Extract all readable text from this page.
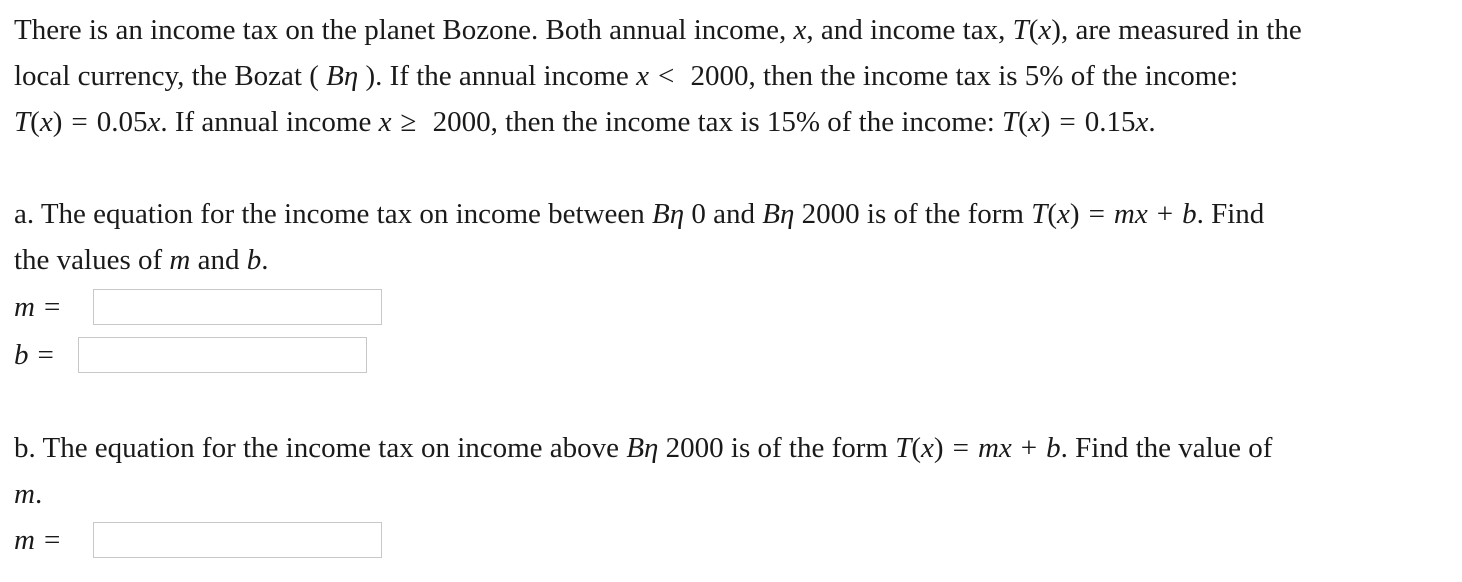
There is an income tax on the planet Bozone. Both annual income, x, and income tax, T(x), are measured in the
local currency, the Bozat ( Bη ). If the annual income x < 2000, then the income tax is 5% of the income:
T(x) = 0.05x. If annual income x ≥ 2000, then the income tax is 15% of the income: T(x) = 0.15x.
a. The equation for the income tax on income between Bη 0 and Bη 2000 is of the form T(x) = mx + b. Find
the values of m and b.
m =
b =
b. The equation for the income tax on income above Bη 2000 is of the form T(x) = mx + b. Find the value of
m.
m =
